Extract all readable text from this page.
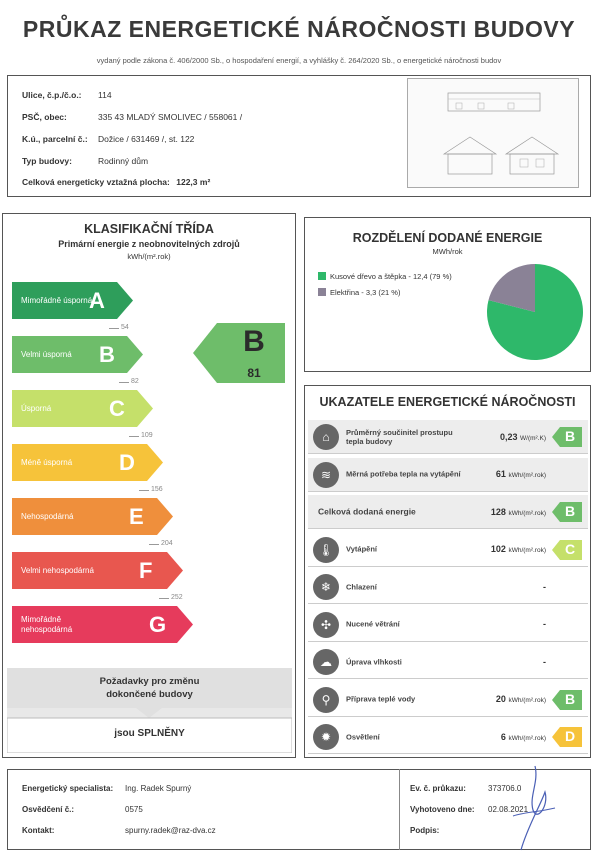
PRŮKAZ ENERGETICKÉ NÁROČNOSTI BUDOVY
vydaný podle zákona č. 406/2000 Sb., o hospodaření energií, a vyhlášky č. 264/2020 Sb., o energetické náročnosti budov
Ulice, č.p./č.o.: 114
PSČ, obec:	335 43 MLADÝ SMOLIVEC / 558061 /
K.ú., parcelní č.: Dožice / 631469 /, st. 122
Typ budovy:	Rodinný dům
Celková energeticky vztažná plocha: 122,3 m²
KLASIFIKAČNÍ TŘÍDA
Primární energie z neobnovitelných zdrojů
kWh/(m².rok)
Mimořádně úsporná
A
Velmi úsporná	B
Úsporná	C
Méně úsporná	D
Nehospodárná	E
Velmi nehospodárná	F
Mimořádně nehospodárná	G
54
82
109
156
204
252
B
81
Požadavky pro změnu
dokončené budovy
jsou SPLNĚNY
ROZDĚLENÍ DODANÉ ENERGIE
MWh/rok
Kusové dřevo a štěpka - 12,4 (79 %)
Elektřina - 3,3 (21 %)
UKAZATELE ENERGETICKÉ NÁROČNOSTI
⌂	Průměrný součinitel prostupu tepla budovy	0,23 W/(m².K)	B
≋	Měrná potřeba tepla na vytápění	61 kWh/(m².rok)
Celková dodaná energie	128 kWh/(m².rok)	B
🌡	Vytápění	102 kWh/(m².rok)	C
❄	Chlazení	-
✣	Nucené větrání	-
☁	Úprava vlhkosti	-
⚲	Příprava teplé vody	20 kWh/(m².rok)	B
✹	Osvětlení	6 kWh/(m².rok)	D
Energetický specialista: Ing. Radek Spurný
Osvědčení č.:	0575
Kontakt:	spurny.radek@raz-dva.cz
Ev. č. průkazu:	373706.0
Vyhotoveno dne: 02.08.2021
Podpis:
